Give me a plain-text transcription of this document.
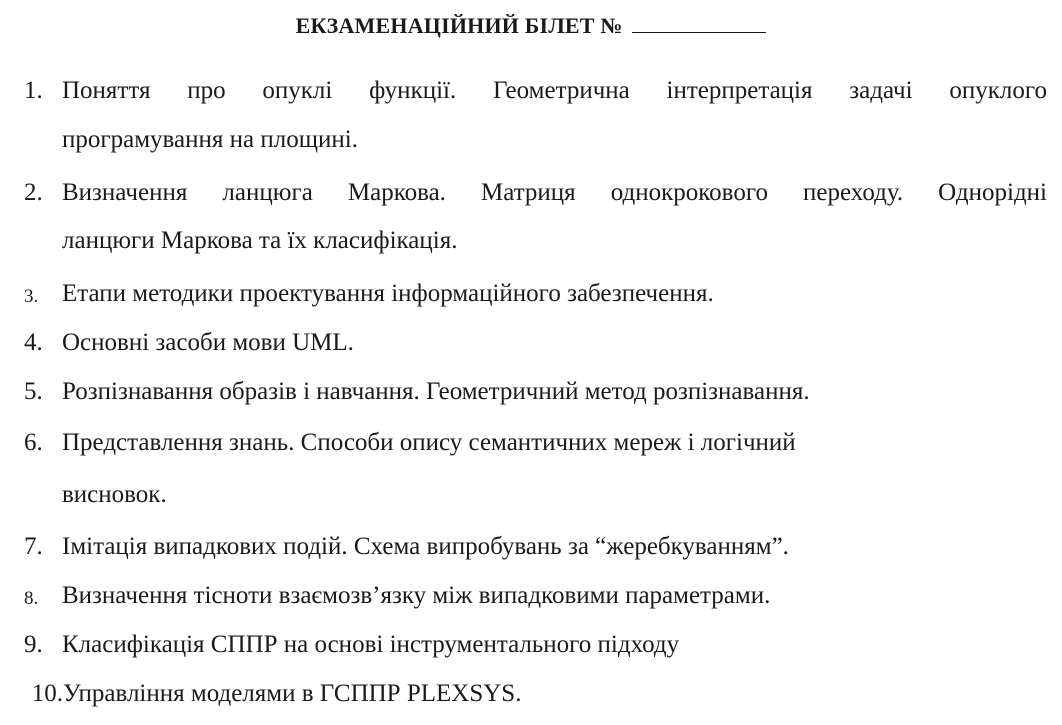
ЕКЗАМЕНАЦІЙНИЙ БІЛЕТ №
1. Поняття про опуклі функції. Геометрична інтерпретація задачі опуклого
програмування на площині.
2. Визначення ланцюга Маркова. Матриця однокрокового переходу. Однорідні
ланцюги Маркова та їх класифікація.
3. Етапи методики проектування інформаційного забезпечення.
4. Основні засоби мови UML.
5. Розпізнавання образів і навчання. Геометричний метод розпізнавання.
6. Представлення знань. Способи опису семантичних мереж і логічний
висновок.
7. Імітація випадкових подій. Схема випробувань за “жеребкуванням”.
8. Визначення тісноти взаємозв’язку між випадковими параметрами.
9. Класифікація СППР на основі інструментального підходу
10. Управління моделями в ГСППР PLEXSYS.
